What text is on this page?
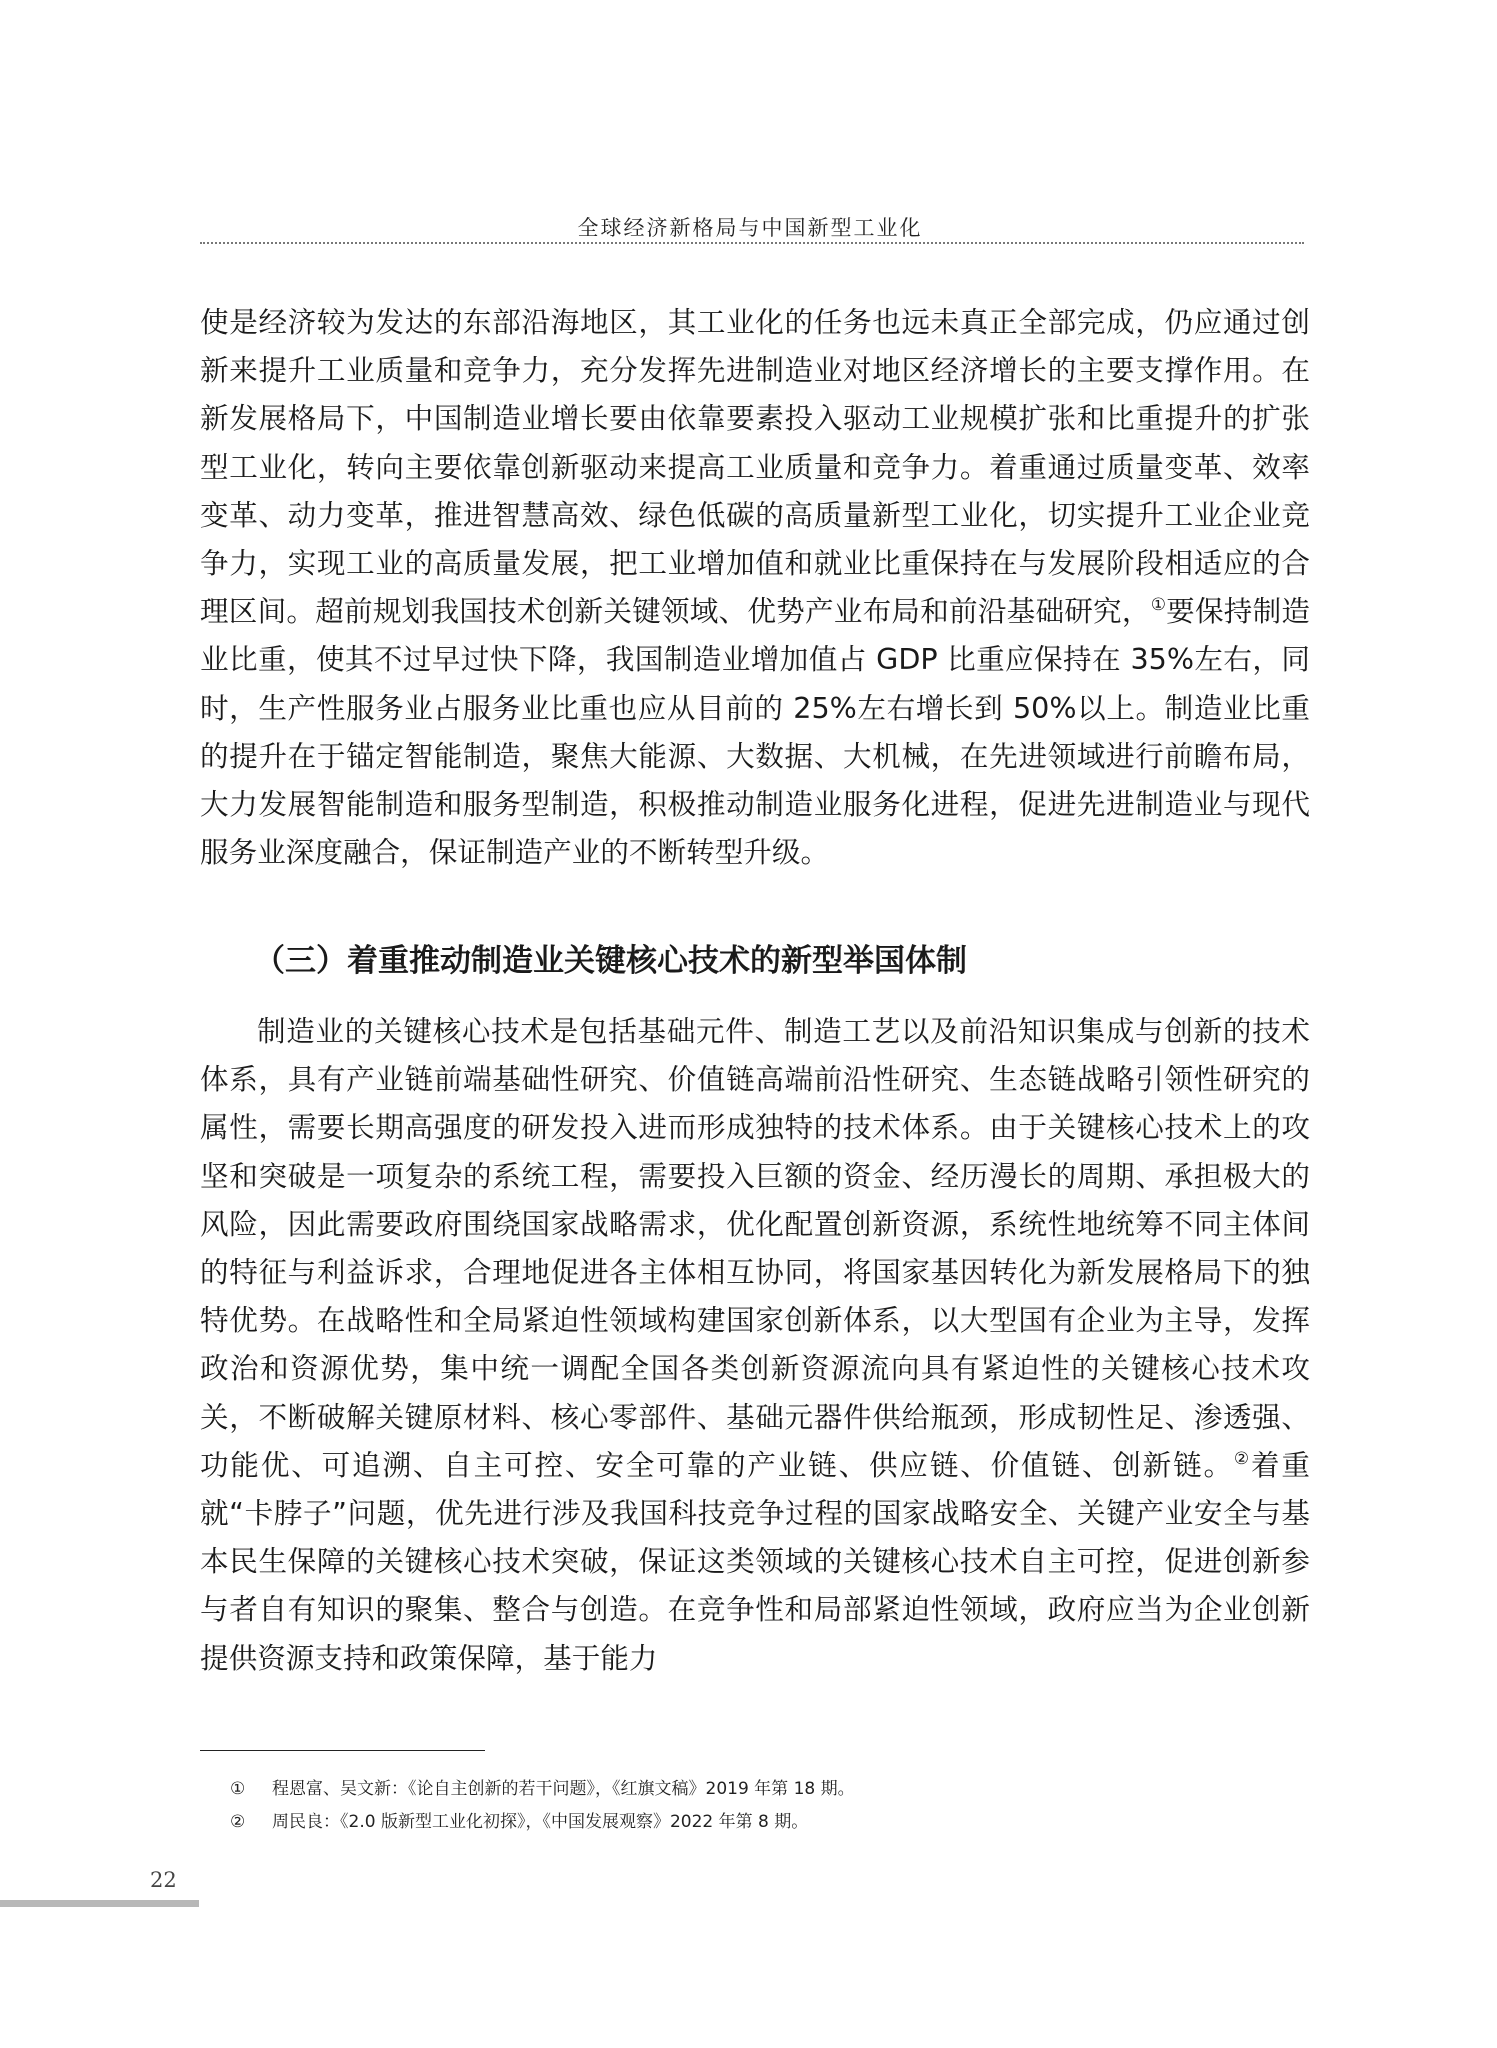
全球经济新格局与中国新型工业化

使是经济较为发达的东部沿海地区，其工业化的任务也远未真正全部完成，仍应通过创新来提升工业质量和竞争力，充分发挥先进制造业对地区经济增长的主要支撑作用。在新发展格局下，中国制造业增长要由依靠要素投入驱动工业规模扩张和比重提升的扩张型工业化，转向主要依靠创新驱动来提高工业质量和竞争力。着重通过质量变革、效率变革、动力变革，推进智慧高效、绿色低碳的高质量新型工业化，切实提升工业企业竞争力，实现工业的高质量发展，把工业增加值和就业比重保持在与发展阶段相适应的合理区间。超前规划我国技术创新关键领域、优势产业布局和前沿基础研究，①要保持制造业比重，使其不过早过快下降，我国制造业增加值占 GDP 比重应保持在 35%左右，同时，生产性服务业占服务业比重也应从目前的 25%左右增长到 50%以上。制造业比重的提升在于锚定智能制造，聚焦大能源、大数据、大机械，在先进领域进行前瞻布局，大力发展智能制造和服务型制造，积极推动制造业服务化进程，促进先进制造业与现代服务业深度融合，保证制造产业的不断转型升级。

（三）着重推动制造业关键核心技术的新型举国体制

制造业的关键核心技术是包括基础元件、制造工艺以及前沿知识集成与创新的技术体系，具有产业链前端基础性研究、价值链高端前沿性研究、生态链战略引领性研究的属性，需要长期高强度的研发投入进而形成独特的技术体系。由于关键核心技术上的攻坚和突破是一项复杂的系统工程，需要投入巨额的资金、经历漫长的周期、承担极大的风险，因此需要政府围绕国家战略需求，优化配置创新资源，系统性地统筹不同主体间的特征与利益诉求，合理地促进各主体相互协同，将国家基因转化为新发展格局下的独特优势。在战略性和全局紧迫性领域构建国家创新体系，以大型国有企业为主导，发挥政治和资源优势，集中统一调配全国各类创新资源流向具有紧迫性的关键核心技术攻关，不断破解关键原材料、核心零部件、基础元器件供给瓶颈，形成韧性足、渗透强、功能优、可追溯、自主可控、安全可靠的产业链、供应链、价值链、创新链。②着重就“卡脖子”问题，优先进行涉及我国科技竞争过程的国家战略安全、关键产业安全与基本民生保障的关键核心技术突破，保证这类领域的关键核心技术自主可控，促进创新参与者自有知识的聚集、整合与创造。在竞争性和局部紧迫性领域，政府应当为企业创新提供资源支持和政策保障，基于能力

① 程恩富、吴文新：《论自主创新的若干问题》，《红旗文稿》2019 年第 18 期。
② 周民良：《2.0 版新型工业化初探》，《中国发展观察》2022 年第 8 期。
22
